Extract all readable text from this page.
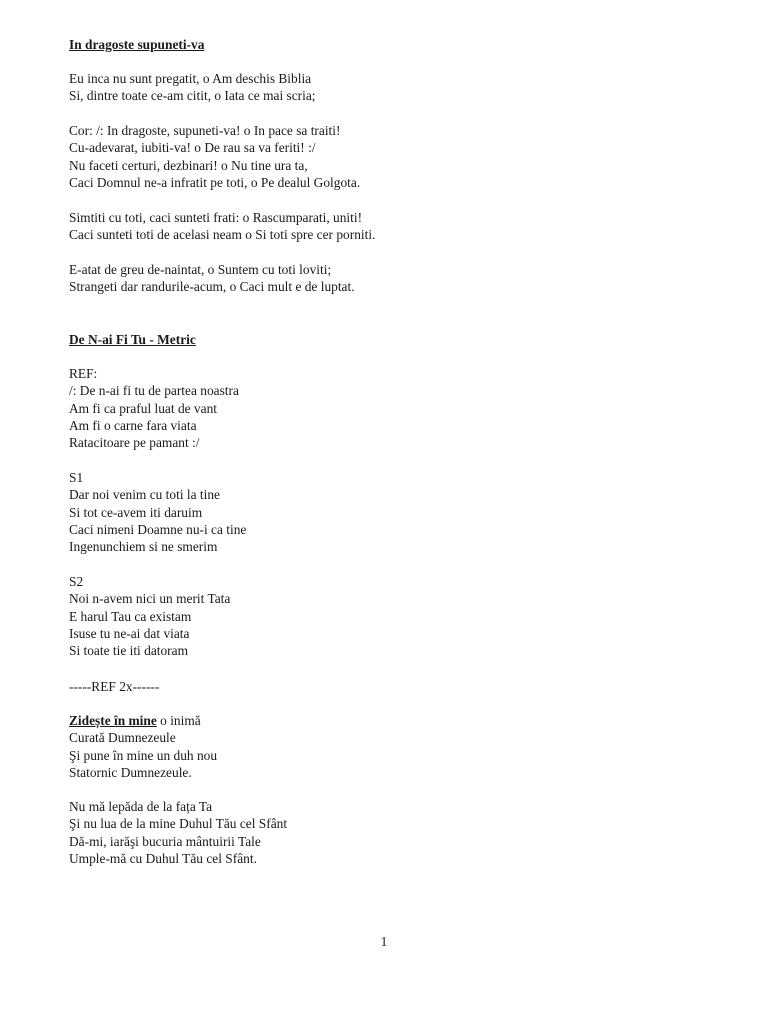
In dragoste supuneti-va
Eu inca nu sunt pregatit, o Am deschis Biblia
Si, dintre toate ce-am citit, o Iata ce mai scria;
Cor: /: In dragoste, supuneti-va! o In pace sa traiti!
Cu-adevarat, iubiti-va! o De rau sa va feriti! :/
Nu faceti certuri, dezbinari! o Nu tine ura ta,
Caci Domnul ne-a infratit pe toti, o Pe dealul Golgota.
Simtiti cu toti, caci sunteti frati: o Rascumparati, uniti!
Caci sunteti toti de acelasi neam o Si toti spre cer porniti.
E-atat de greu de-naintat, o Suntem cu toti loviti;
Strangeti dar randurile-acum, o Caci mult e de luptat.
De N-ai Fi Tu - Metric
REF:
/: De n-ai fi tu de partea noastra
Am fi ca praful luat de vant
Am fi o carne fara viata
Ratacitoare pe pamant :/
S1
Dar noi venim cu toti la tine
Si tot ce-avem iti daruim
Caci nimeni Doamne nu-i ca tine
Ingenunchiem si ne smerim
S2
Noi n-avem nici un merit Tata
E harul Tau ca existam
Isuse tu ne-ai dat viata
Si toate tie iti datoram
-----REF 2x------
Zidește în mine o inimă
Curată Dumnezeule
Şi pune în mine un duh nou
Statornic Dumnezeule.
Nu mă lepăda de la fața Ta
Şi nu lua de la mine Duhul Tău cel Sfânt
Dă-mi, iarăşi bucuria mântuirii Tale
Umple-mă cu Duhul Tău cel Sfânt.
1
